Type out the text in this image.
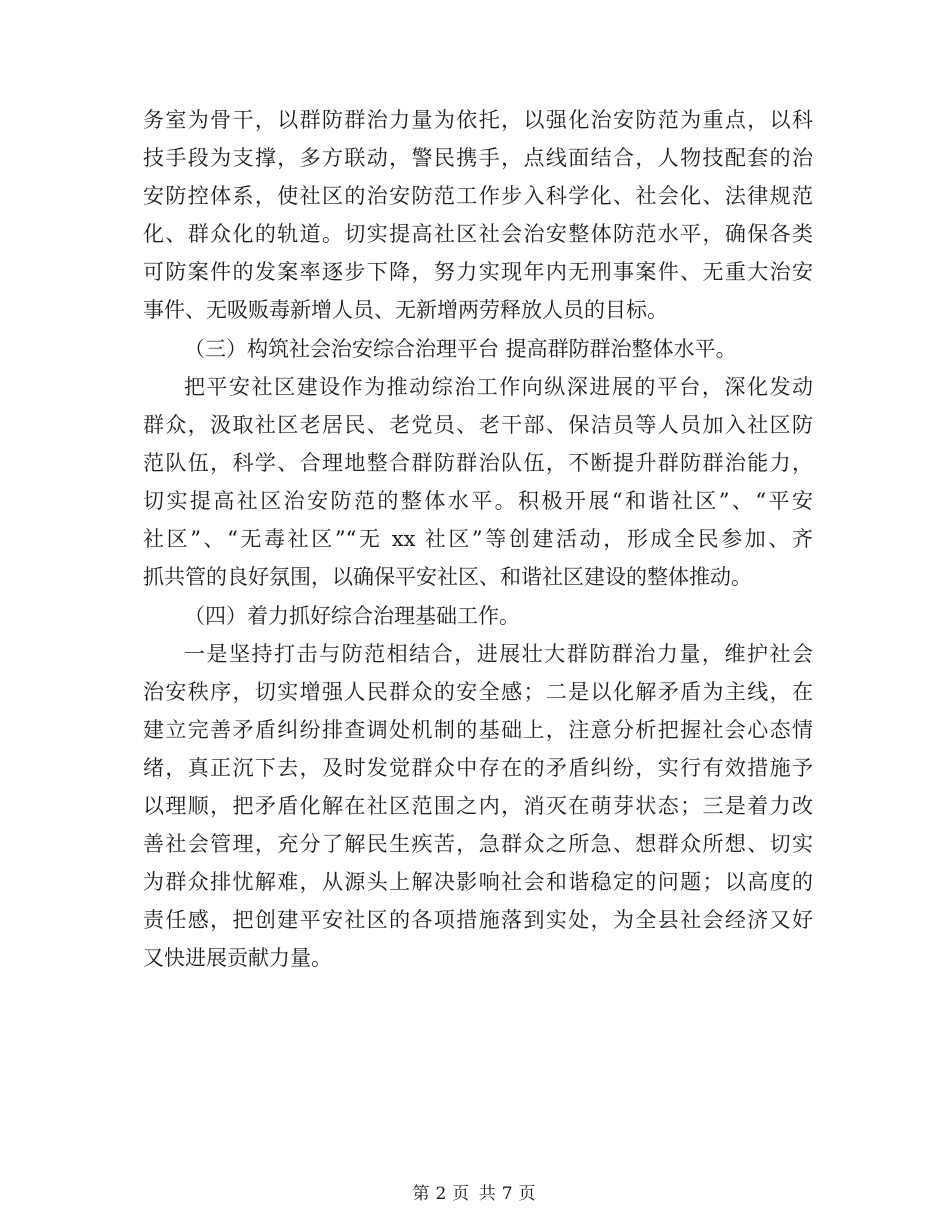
务室为骨干，以群防群治力量为依托，以强化治安防范为重点，以科
技手段为支撑，多方联动，警民携手，点线面结合，人物技配套的治
安防控体系，使社区的治安防范工作步入科学化、社会化、法律规范
化、群众化的轨道。切实提高社区社会治安整体防范水平，确保各类
可防案件的发案率逐步下降，努力实现年内无刑事案件、无重大治安
事件、无吸贩毒新增人员、无新增两劳释放人员的目标。
（三）构筑社会治安综合治理平台 提高群防群治整体水平。
把平安社区建设作为推动综治工作向纵深进展的平台，深化发动
群众，汲取社区老居民、老党员、老干部、保洁员等人员加入社区防
范队伍，科学、合理地整合群防群治队伍，不断提升群防群治能力，
切实提高社区治安防范的整体水平。积极开展“和谐社区”、“平安
社区”、“无毒社区”“无 xx 社区”等创建活动，形成全民参加、齐
抓共管的良好氛围，以确保平安社区、和谐社区建设的整体推动。
（四）着力抓好综合治理基础工作。
一是坚持打击与防范相结合，进展壮大群防群治力量，维护社会
治安秩序，切实增强人民群众的安全感；二是以化解矛盾为主线，在
建立完善矛盾纠纷排查调处机制的基础上，注意分析把握社会心态情
绪，真正沉下去，及时发觉群众中存在的矛盾纠纷，实行有效措施予
以理顺，把矛盾化解在社区范围之内，消灭在萌芽状态；三是着力改
善社会管理，充分了解民生疾苦，急群众之所急、想群众所想、切实
为群众排忧解难，从源头上解决影响社会和谐稳定的问题；以高度的
责任感，把创建平安社区的各项措施落到实处，为全县社会经济又好
又快进展贡献力量。
第 2 页 共 7 页
